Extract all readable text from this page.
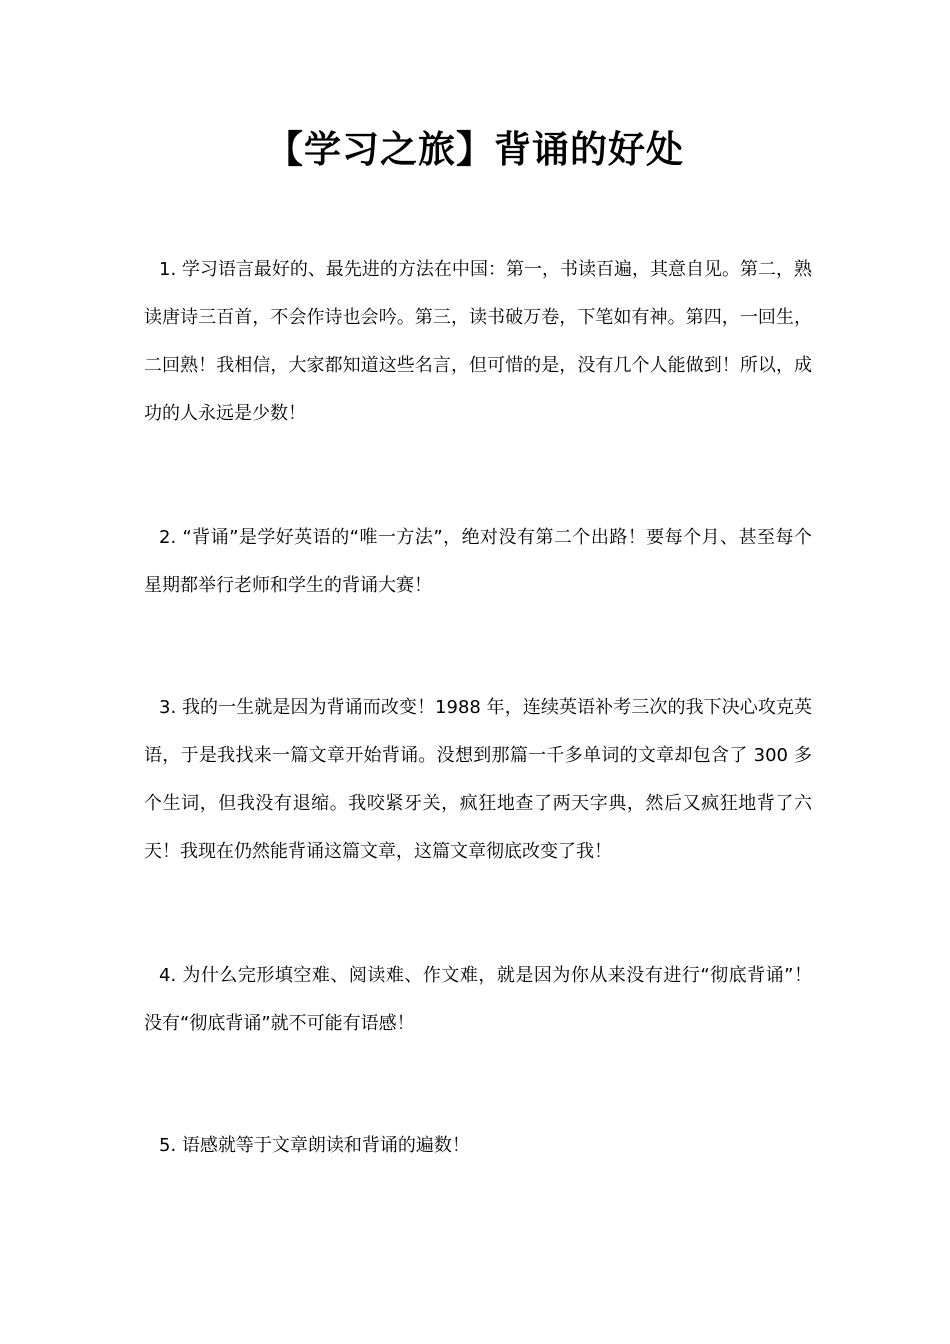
【学习之旅】背诵的好处

1. 学习语言最好的、最先进的方法在中国：第一，书读百遍，其意自见。第二，熟读唐诗三百首，不会作诗也会吟。第三，读书破万卷，下笔如有神。第四，一回生，二回熟！我相信，大家都知道这些名言，但可惜的是，没有几个人能做到！所以，成功的人永远是少数！

2. “背诵”是学好英语的“唯一方法”，绝对没有第二个出路！要每个月、甚至每个星期都举行老师和学生的背诵大赛！

3. 我的一生就是因为背诵而改变！1988 年，连续英语补考三次的我下决心攻克英语，于是我找来一篇文章开始背诵。没想到那篇一千多单词的文章却包含了 300 多个生词，但我没有退缩。我咬紧牙关，疯狂地查了两天字典，然后又疯狂地背了六天！我现在仍然能背诵这篇文章，这篇文章彻底改变了我！

4. 为什么完形填空难、阅读难、作文难，就是因为你从来没有进行“彻底背诵”！没有“彻底背诵”就不可能有语感！

5. 语感就等于文章朗读和背诵的遍数！
